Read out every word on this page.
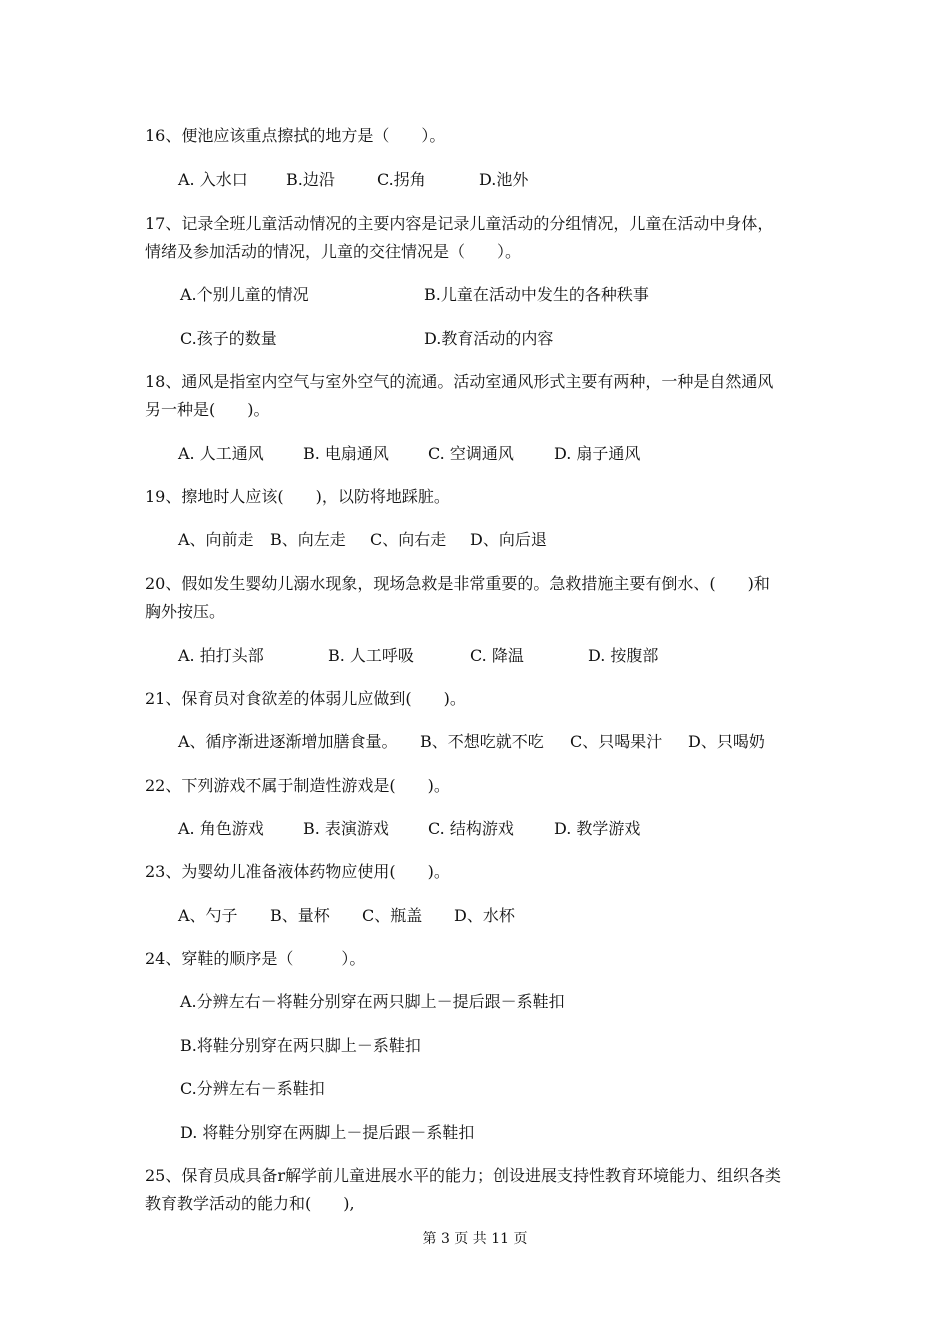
16、便池应该重点擦拭的地方是（　　）。
A. 入水口 B.边沿	C.拐角	D.池外
17、记录全班儿童活动情况的主要内容是记录儿童活动的分组情况，儿童在活动中身体，
情绪及参加活动的情况，儿童的交往情况是（　　）。
A.个别儿童的情况	B.儿童在活动中发生的各种秩事
C.孩子的数量	D.教育活动的内容
18、通风是指室内空气与室外空气的流通。活动室通风形式主要有两种，一种是自然通风
另一种是(　　)。
A. 人工通风 B. 电扇通风 C. 空调通风	D. 扇子通风
19、擦地时人应该(　　)，以防将地踩脏。
A、向前走 B、向左走 C、向右走 D、向后退
20、假如发生婴幼儿溺水现象，现场急救是非常重要的。急救措施主要有倒水、(　　)和
胸外按压。
A. 拍打头部	B. 人工呼吸	C. 降温	D. 按腹部
21、保育员对食欲差的体弱儿应做到(　　)。
A、循序渐进逐渐增加膳食量。 B、不想吃就不吃 C、只喝果汁 D、只喝奶
22、下列游戏不属于制造性游戏是(　　)。
A. 角色游戏 B. 表演游戏 C. 结构游戏	D. 教学游戏
23、为婴幼儿准备液体药物应使用(　　)。
A、勺子 B、量杯 C、瓶盖 D、水杯
24、穿鞋的顺序是（　　　）。
A.分辨左右－将鞋分别穿在两只脚上－提后跟－系鞋扣
B.将鞋分别穿在两只脚上－系鞋扣
C.分辨左右－系鞋扣
D. 将鞋分别穿在两脚上－提后跟－系鞋扣
25、保育员成具备r解学前儿童进展水平的能力；创设进展支持性教育环境能力、组织各类
教育教学活动的能力和(　　),
第 3 页 共 11 页
